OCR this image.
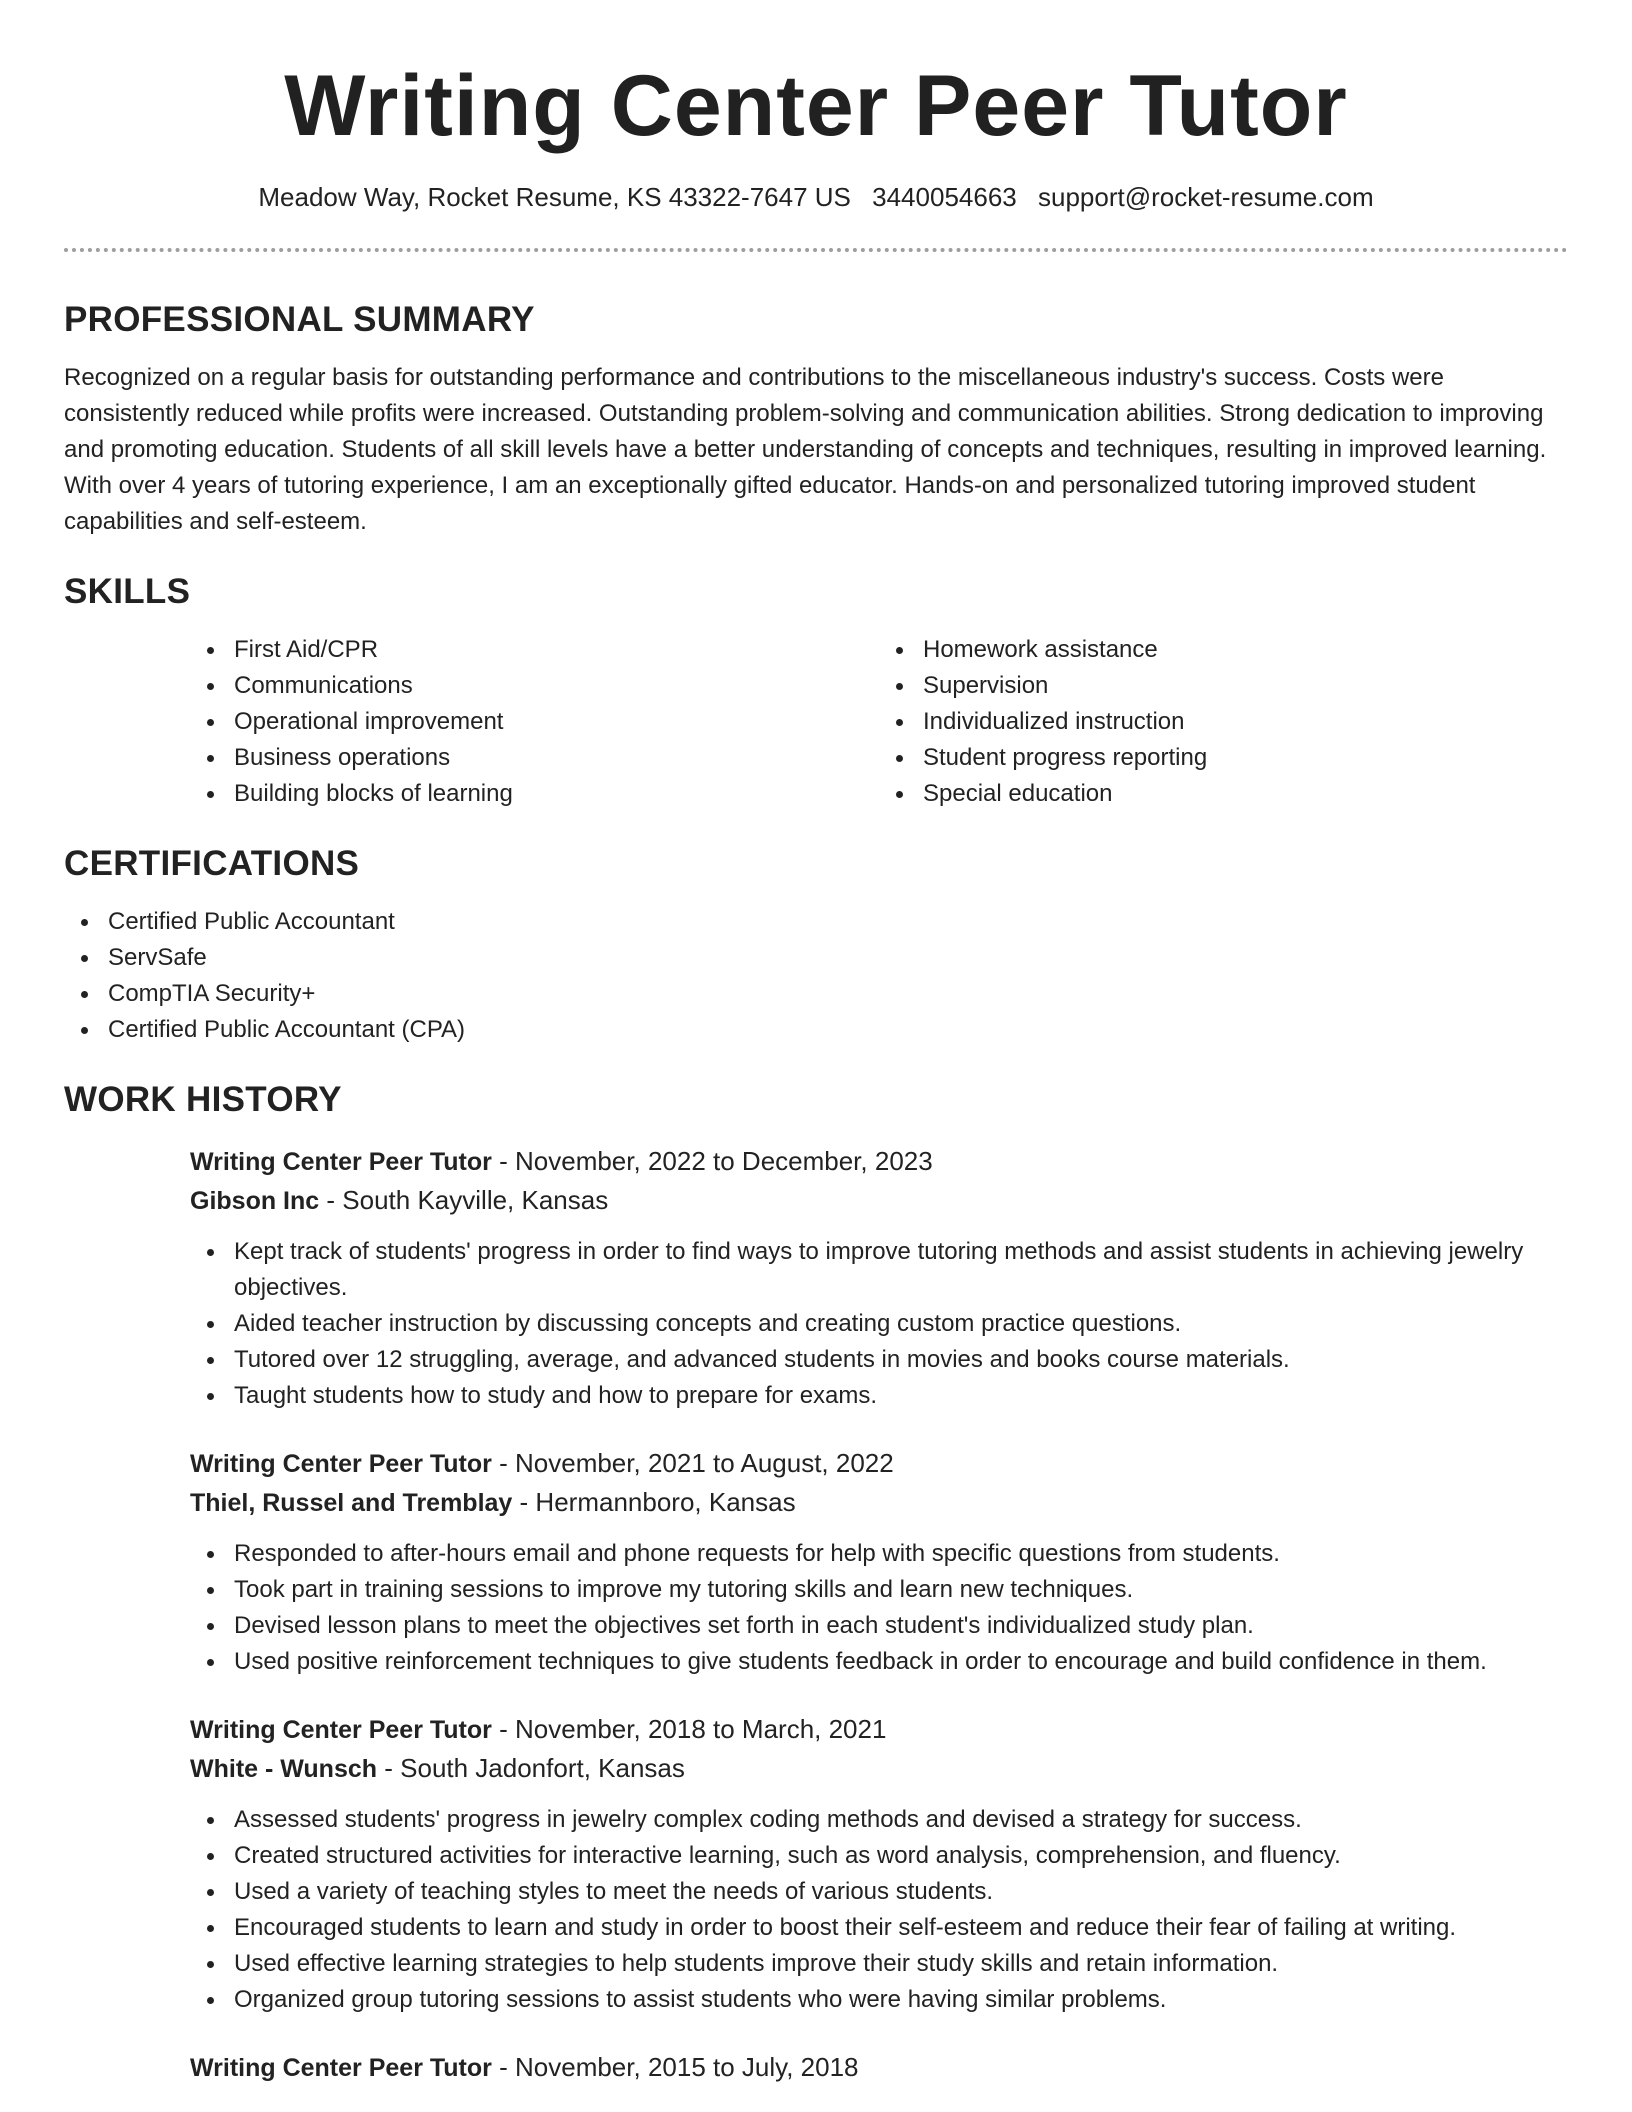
Writing Center Peer Tutor
Meadow Way, Rocket Resume, KS 43322-7647 US 3440054663 support@rocket-resume.com
PROFESSIONAL SUMMARY

Recognized on a regular basis for outstanding performance and contributions to the miscellaneous industry's success. Costs were consistently reduced while profits were increased. Outstanding problem-solving and communication abilities. Strong dedication to improving and promoting education. Students of all skill levels have a better understanding of concepts and techniques, resulting in improved learning. With over 4 years of tutoring experience, I am an exceptionally gifted educator. Hands-on and personalized tutoring improved student capabilities and self-esteem.

SKILLS
First Aid/CPR
Communications
Operational improvement
Business operations
Building blocks of learning
Homework assistance
Supervision
Individualized instruction
Student progress reporting
Special education
CERTIFICATIONS
Certified Public Accountant
ServSafe
CompTIA Security+
Certified Public Accountant (CPA)
WORK HISTORY
Writing Center Peer Tutor - November, 2022 to December, 2023
Gibson Inc - South Kayville, Kansas
Kept track of students' progress in order to find ways to improve tutoring methods and assist students in achieving jewelry objectives.
Aided teacher instruction by discussing concepts and creating custom practice questions.
Tutored over 12 struggling, average, and advanced students in movies and books course materials.
Taught students how to study and how to prepare for exams.
Writing Center Peer Tutor - November, 2021 to August, 2022
Thiel, Russel and Tremblay - Hermannboro, Kansas
Responded to after-hours email and phone requests for help with specific questions from students.
Took part in training sessions to improve my tutoring skills and learn new techniques.
Devised lesson plans to meet the objectives set forth in each student's individualized study plan.
Used positive reinforcement techniques to give students feedback in order to encourage and build confidence in them.
Writing Center Peer Tutor - November, 2018 to March, 2021
White - Wunsch - South Jadonfort, Kansas
Assessed students' progress in jewelry complex coding methods and devised a strategy for success.
Created structured activities for interactive learning, such as word analysis, comprehension, and fluency.
Used a variety of teaching styles to meet the needs of various students.
Encouraged students to learn and study in order to boost their self-esteem and reduce their fear of failing at writing.
Used effective learning strategies to help students improve their study skills and retain information.
Organized group tutoring sessions to assist students who were having similar problems.
Writing Center Peer Tutor - November, 2015 to July, 2018
